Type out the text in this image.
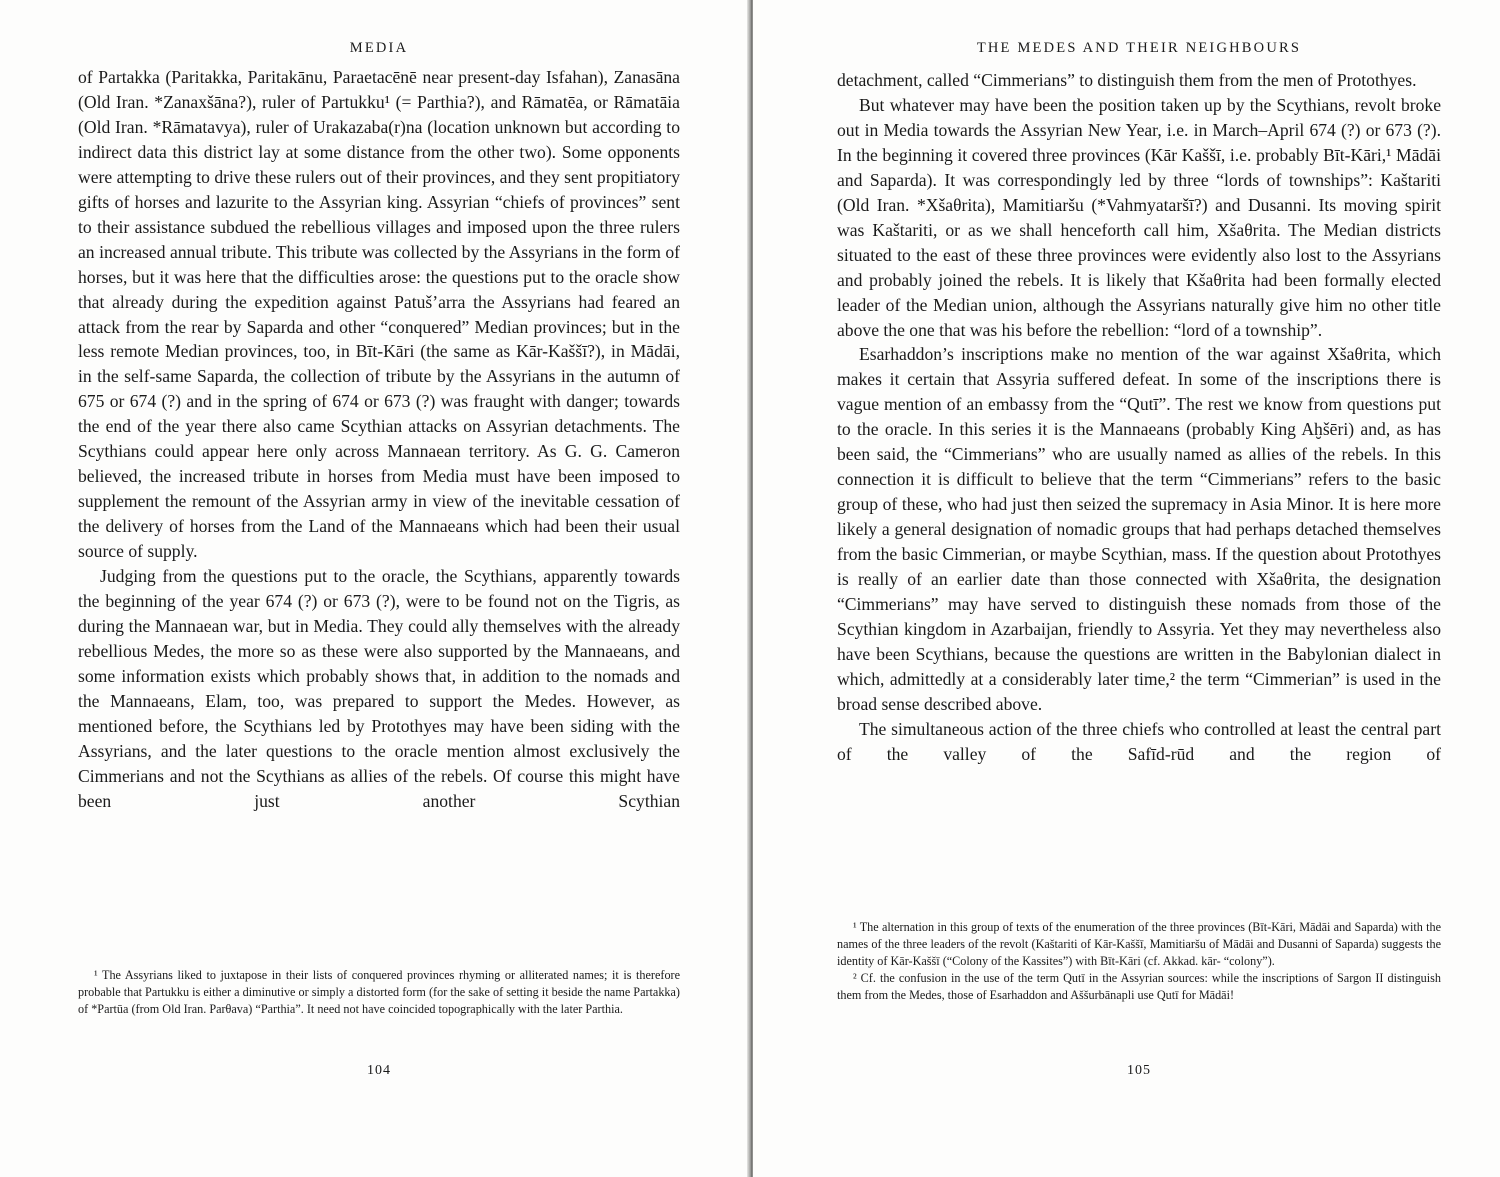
MEDIA

of Partakka (Paritakka, Paritakānu, Paraetacēnē near present-day Isfahan), Zanasāna (Old Iran. *Zanaxšāna?), ruler of Partukku¹ (= Parthia?), and Rāmatēa, or Rāmatāia (Old Iran. *Rāmatavya), ruler of Urakazaba(r)na (location unknown but according to indirect data this district lay at some distance from the other two). Some opponents were attempting to drive these rulers out of their provinces, and they sent propitiatory gifts of horses and lazurite to the Assyrian king. Assyrian “chiefs of provinces” sent to their assistance subdued the rebellious villages and imposed upon the three rulers an increased annual tribute. This tribute was collected by the Assyrians in the form of horses, but it was here that the difficulties arose: the questions put to the oracle show that already during the expedition against Patušʼarra the Assyrians had feared an attack from the rear by Saparda and other “conquered” Median provinces; but in the less remote Median provinces, too, in Bīt-Kāri (the same as Kār-Kaššī?), in Mādāi, in the self-same Saparda, the collection of tribute by the Assyrians in the autumn of 675 or 674 (?) and in the spring of 674 or 673 (?) was fraught with danger; towards the end of the year there also came Scythian attacks on Assyrian detachments. The Scythians could appear here only across Mannaean territory. As G. G. Cameron believed, the increased tribute in horses from Media must have been imposed to supplement the remount of the Assyrian army in view of the inevitable cessation of the delivery of horses from the Land of the Mannaeans which had been their usual source of supply.

Judging from the questions put to the oracle, the Scythians, apparently towards the beginning of the year 674 (?) or 673 (?), were to be found not on the Tigris, as during the Mannaean war, but in Media. They could ally themselves with the already rebellious Medes, the more so as these were also supported by the Mannaeans, and some information exists which probably shows that, in addition to the nomads and the Mannaeans, Elam, too, was prepared to support the Medes. However, as mentioned before, the Scythians led by Protothyes may have been siding with the Assyrians, and the later questions to the oracle mention almost exclusively the Cimmerians and not the Scythians as allies of the rebels. Of course this might have been just another Scythian

¹ The Assyrians liked to juxtapose in their lists of conquered provinces rhyming or alliterated names; it is therefore probable that Partukku is either a diminutive or simply a distorted form (for the sake of setting it beside the name Partakka) of *Partūa (from Old Iran. Parθava) “Parthia”. It need not have coincided topographically with the later Parthia.

104
THE MEDES AND THEIR NEIGHBOURS

detachment, called “Cimmerians” to distinguish them from the men of Protothyes.

But whatever may have been the position taken up by the Scythians, revolt broke out in Media towards the Assyrian New Year, i.e. in March–April 674 (?) or 673 (?). In the beginning it covered three provinces (Kār Kaššī, i.e. probably Bīt-Kāri,¹ Mādāi and Saparda). It was correspondingly led by three “lords of townships”: Kaštariti (Old Iran. *Xšaθrita), Mamitiaršu (*Vahmyataršī?) and Dusanni. Its moving spirit was Kaštariti, or as we shall henceforth call him, Xšaθrita. The Median districts situated to the east of these three provinces were evidently also lost to the Assyrians and probably joined the rebels. It is likely that Kšaθrita had been formally elected leader of the Median union, although the Assyrians naturally give him no other title above the one that was his before the rebellion: “lord of a township”.

Esarhaddon’s inscriptions make no mention of the war against Xšaθrita, which makes it certain that Assyria suffered defeat. In some of the inscriptions there is vague mention of an embassy from the “Qutī”. The rest we know from questions put to the oracle. In this series it is the Mannaeans (probably King Aḫšēri) and, as has been said, the “Cimmerians” who are usually named as allies of the rebels. In this connection it is difficult to believe that the term “Cimmerians” refers to the basic group of these, who had just then seized the supremacy in Asia Minor. It is here more likely a general designation of nomadic groups that had perhaps detached themselves from the basic Cimmerian, or maybe Scythian, mass. If the question about Protothyes is really of an earlier date than those connected with Xšaθrita, the designation “Cimmerians” may have served to distinguish these nomads from those of the Scythian kingdom in Azarbaijan, friendly to Assyria. Yet they may nevertheless also have been Scythians, because the questions are written in the Babylonian dialect in which, admittedly at a considerably later time,² the term “Cimmerian” is used in the broad sense described above.

The simultaneous action of the three chiefs who controlled at least the central part of the valley of the Safīd-rūd and the region of

¹ The alternation in this group of texts of the enumeration of the three provinces (Bīt-Kāri, Mādāi and Saparda) with the names of the three leaders of the revolt (Kaštariti of Kār-Kaššī, Mamitiaršu of Mādāi and Dusanni of Saparda) suggests the identity of Kār-Kaššī (“Colony of the Kassites”) with Bīt-Kāri (cf. Akkad. kār- “colony”).

² Cf. the confusion in the use of the term Qutī in the Assyrian sources: while the inscriptions of Sargon II distinguish them from the Medes, those of Esarhaddon and Aššurbānapli use Qutī for Mādāi!

105
